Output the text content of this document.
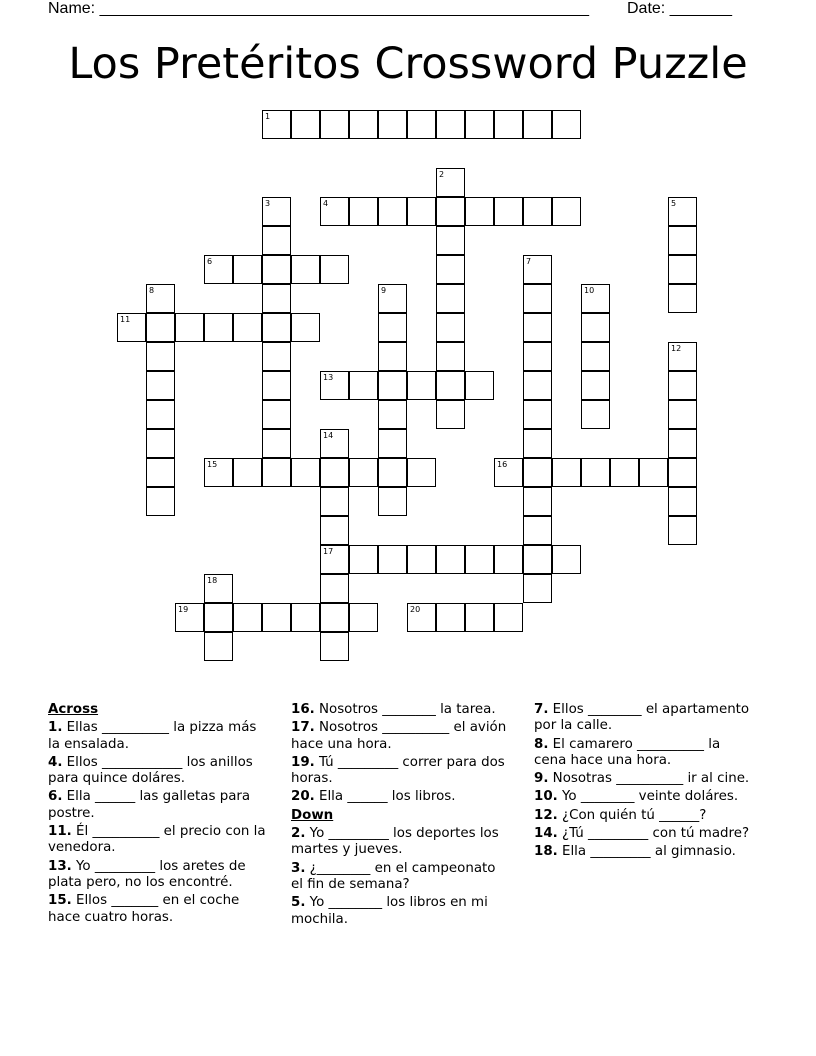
Name: _______________________________________________________ Date: _______
Los Pretéritos Crossword Puzzle
1
2
3	4	5
6	7
8	9	10
11
12
13
14
15	16
17
18
19	20
Across
1. Ellas __________ la pizza más la ensalada.
4. Ellos ____________ los anillos para quince doláres.
6. Ella ______ las galletas para postre.
11. Él __________ el precio con la venedora.
13. Yo _________ los aretes de plata pero, no los encontré.
15. Ellos _______ en el coche hace cuatro horas.
16. Nosotros ________ la tarea.
17. Nosotros __________ el avión hace una hora.
19. Tú _________ correr para dos horas.
20. Ella ______ los libros.
Down
2. Yo _________ los deportes los martes y jueves.
3. ¿________ en el campeonato el fin de semana?
5. Yo ________ los libros en mi mochila.
7. Ellos ________ el apartamento por la calle.
8. El camarero __________ la cena hace una hora.
9. Nosotras __________ ir al cine.
10. Yo ________ veinte doláres.
12. ¿Con quién tú ______?
14. ¿Tú _________ con tú madre?
18. Ella _________ al gimnasio.
